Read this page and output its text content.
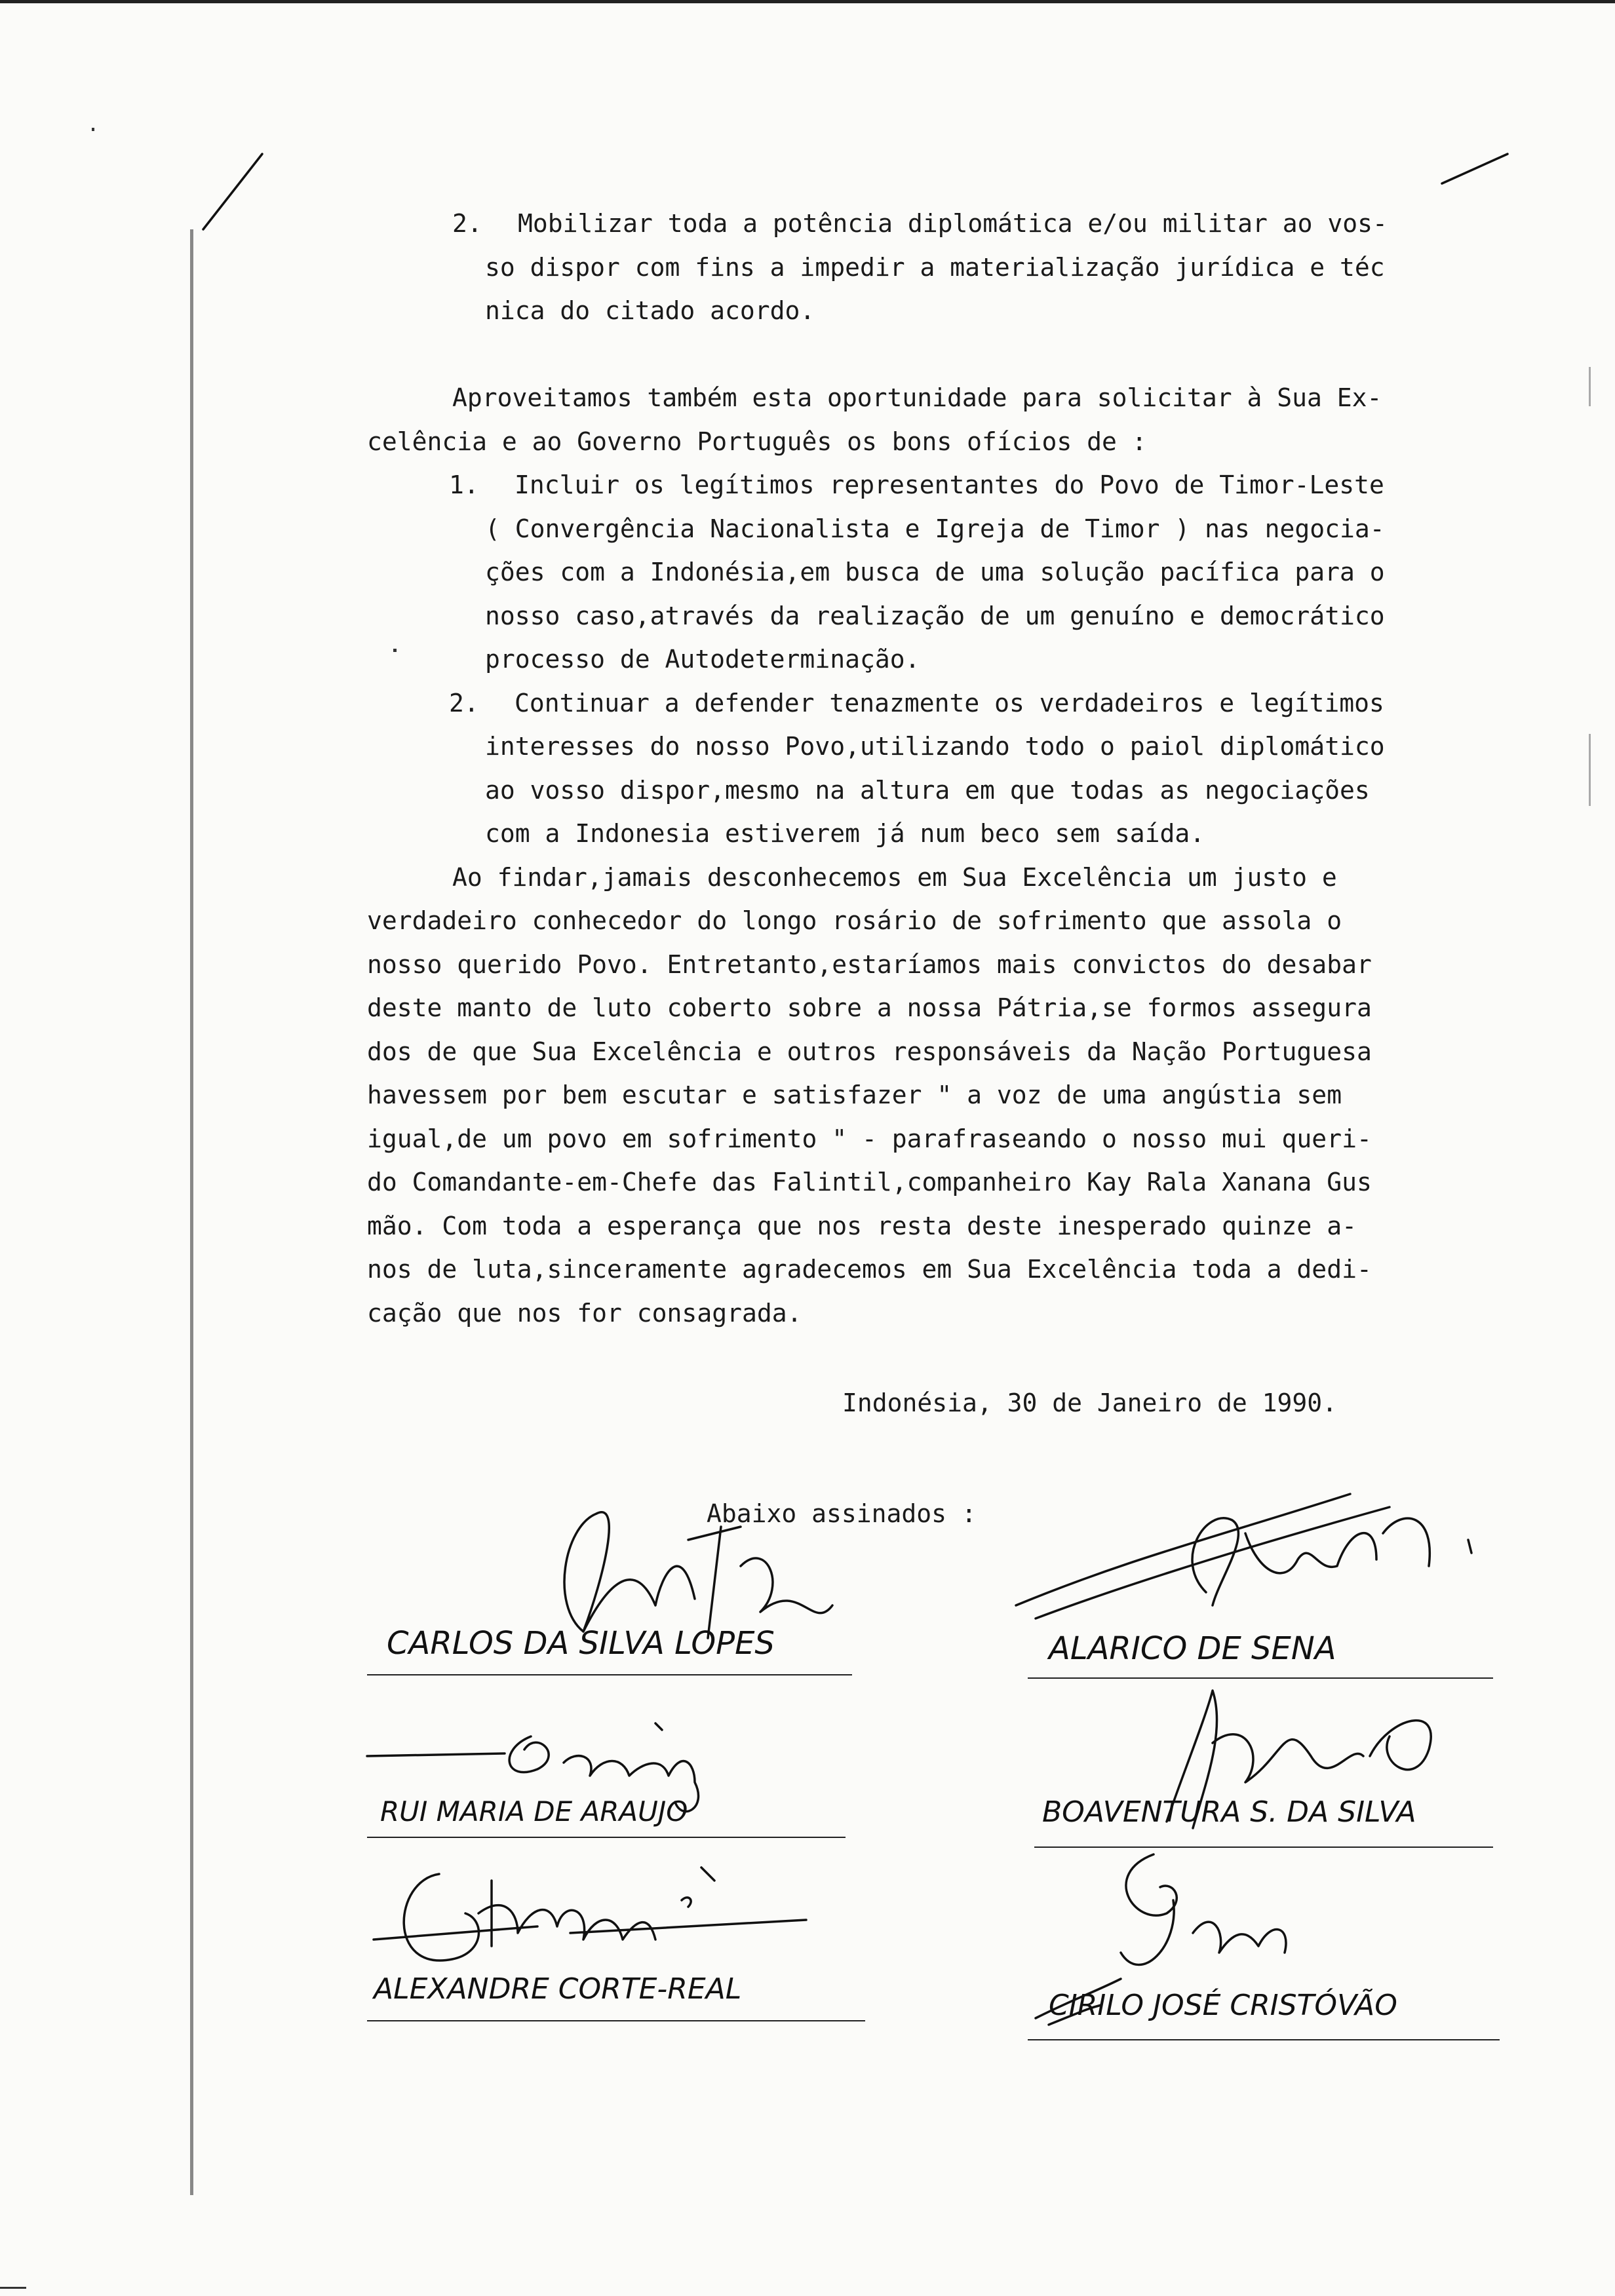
2. Mobilizar toda a potência diplomática e/ou militar ao vos-
so dispor com fins a impedir a materialização jurídica e téc
nica do citado acordo.
Aproveitamos também esta oportunidade para solicitar à Sua Ex-
celência e ao Governo Português os bons ofícios de :
1. Incluir os legítimos representantes do Povo de Timor-Leste
( Convergência Nacionalista e Igreja de Timor ) nas negocia-
ções com a Indonésia,em busca de uma solução pacífica para o
nosso caso,através da realização de um genuíno e democrático
processo de Autodeterminação.
2. Continuar a defender tenazmente os verdadeiros e legítimos
interesses do nosso Povo,utilizando todo o paiol diplomático
ao vosso dispor,mesmo na altura em que todas as negociações
com a Indonesia estiverem já num beco sem saída.
Ao findar,jamais desconhecemos em Sua Excelência um justo e
verdadeiro conhecedor do longo rosário de sofrimento que assola o
nosso querido Povo. Entretanto,estaríamos mais convictos do desabar
deste manto de luto coberto sobre a nossa Pátria,se formos assegura
dos de que Sua Excelência e outros responsáveis da Nação Portuguesa
havessem por bem escutar e satisfazer " a voz de uma angústia sem
igual,de um povo em sofrimento " - parafraseando o nosso mui queri-
do Comandante-em-Chefe das Falintil,companheiro Kay Rala Xanana Gus
mão. Com toda a esperança que nos resta deste inesperado quinze a-
nos de luta,sinceramente agradecemos em Sua Excelência toda a dedi-
cação que nos for consagrada.
Indonésia, 30 de Janeiro de 1990.
Abaixo assinados :
CARLOS DA SILVA LOPES	ALARICO DE SENA
RUI MARIA DE ARAUJO	BOAVENTURA S. DA SILVA
ALEXANDRE CORTE-REAL	CIRILO JOSÉ CRISTÓVÃO
